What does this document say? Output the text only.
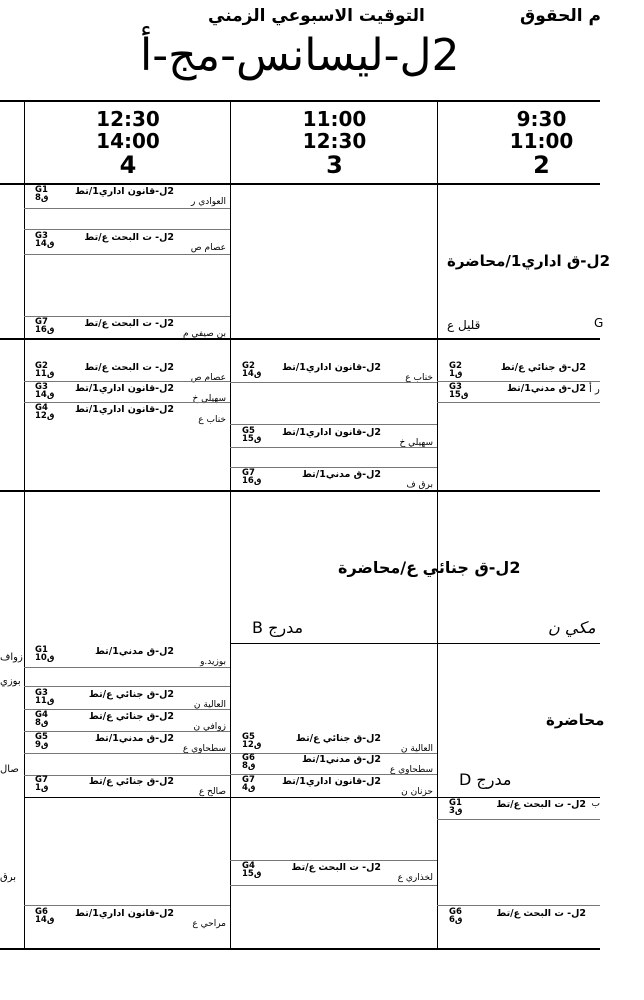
م الحقوق
التوقيت الاسبوعي الزمني
2ل-ليسانس-مج-أ
12:30
14:00
4
11:00
12:30
3
9:30
11:00
2
G1
ق8
2ل-قانون اداري1/تط
العوادي ر
G3
ق14
2ل- ت البحث ع/تط
عصام ص
G7
ق16
2ل- ت البحث ع/تط
بن صيفي م
2ل-ق اداري1/محاضرة
قليل ع	G
G2
ق11
2ل- ت البحث ع/تط
عصام ص
G3
ق14
2ل-قانون اداري1/تط
سهيلي خ
G4
ق12
2ل-قانون اداري1/تط
خناب ع
G2
ق14
2ل-قانون اداري1/تط
خناب ع
G5
ق15
2ل-قانون اداري1/تط
سهيلي خ
G7
ق16
2ل-ق مدني1/تط
برق ف
G2
ق1
2ل-ق جنائي ع/تط
G3
ق15
2ل-ق مدني1/تط ر أ
2ل-ق جنائي ع/محاضرة
مدرج B	مكي ن
G1
ق10
2ل-ق مدني1/تط
بوزيد.و
G3
ق11
2ل-ق جنائي ع/تط
العالية ن
G4
ق8
2ل-ق جنائي ع/تط
زوافي ن
G5
ق9
2ل-ق مدني1/تط
سطحاوي ع
G7
ق1
2ل-ق جنائي ع/تط
صالح ع
زواف
بوزي
صال
برق
G5
ق12
2ل-ق جنائي ع/تط
العالية ن
G6
ق8
2ل-ق مدني1/تط
سطحاوي ع
G7
ق4
2ل-قانون اداري1/تط
حزنان ن
محاضرة
مدرج D
G1
ق3
2ل- ت البحث ع/تط ب
G4
ق15
2ل- ت البحث ع/تط
لخذاري ع
G6
ق14
2ل-قانون اداري1/تط
مراحي ع
G6
ق6
2ل- ت البحث ع/تط
